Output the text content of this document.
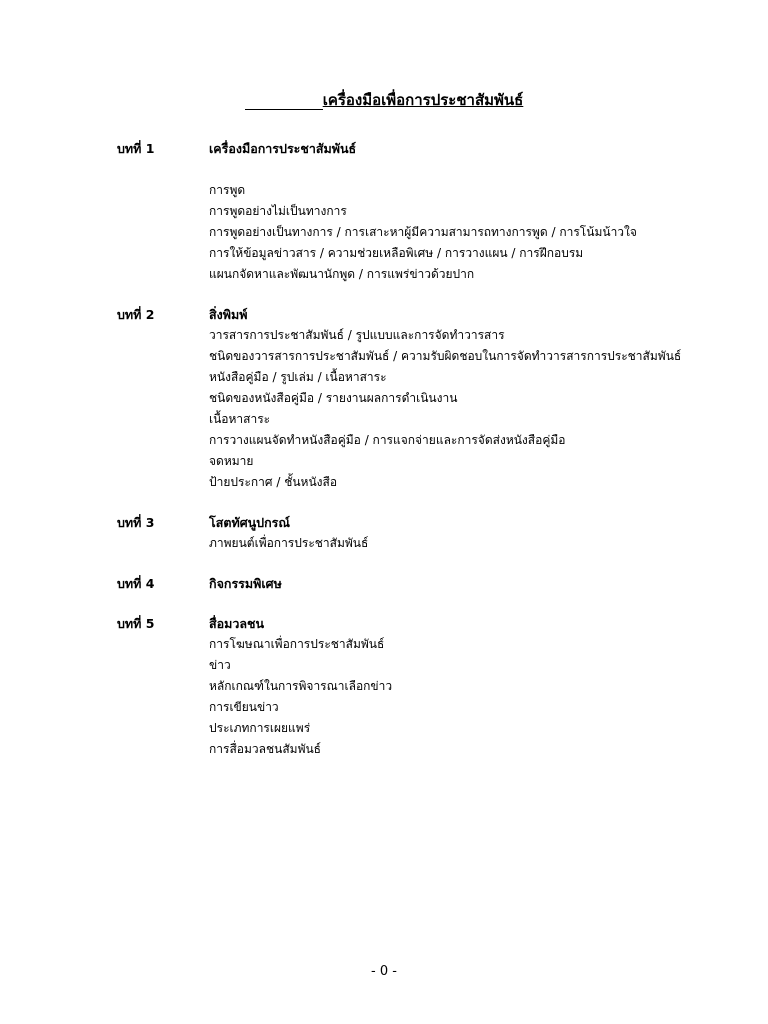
เครื่องมือเพื่อการประชาสัมพันธ์
บทที่ 1	เครื่องมือการประชาสัมพันธ์
การพูด
การพูดอย่างไม่เป็นทางการ
การพูดอย่างเป็นทางการ / การเสาะหาผู้มีความสามารถทางการพูด / การโน้มน้าวใจ
การให้ข้อมูลข่าวสาร / ความช่วยเหลือพิเศษ / การวางแผน / การฝึกอบรม
แผนกจัดหาและพัฒนานักพูด / การแพร่ข่าวด้วยปาก
บทที่ 2	สิ่งพิมพ์
วารสารการประชาสัมพันธ์ / รูปแบบและการจัดทำวารสาร
ชนิดของวารสารการประชาสัมพันธ์ / ความรับผิดชอบในการจัดทำวารสารการประชาสัมพันธ์
หนังสือคู่มือ / รูปเล่ม / เนื้อหาสาระ
ชนิดของหนังสือคู่มือ / รายงานผลการดำเนินงาน
เนื้อหาสาระ
การวางแผนจัดทำหนังสือคู่มือ / การแจกจ่ายและการจัดส่งหนังสือคู่มือ
จดหมาย
ป้ายประกาศ / ชั้นหนังสือ
บทที่ 3	โสตทัศนูปกรณ์
ภาพยนต์เพื่อการประชาสัมพันธ์
บทที่ 4	กิจกรรมพิเศษ
บทที่ 5	สื่อมวลชน
การโฆษณาเพื่อการประชาสัมพันธ์
ข่าว
หลักเกณฑ์ในการพิจารณาเลือกข่าว
การเขียนข่าว
ประเภทการเผยแพร่
การสื่อมวลชนสัมพันธ์
- 0 -
